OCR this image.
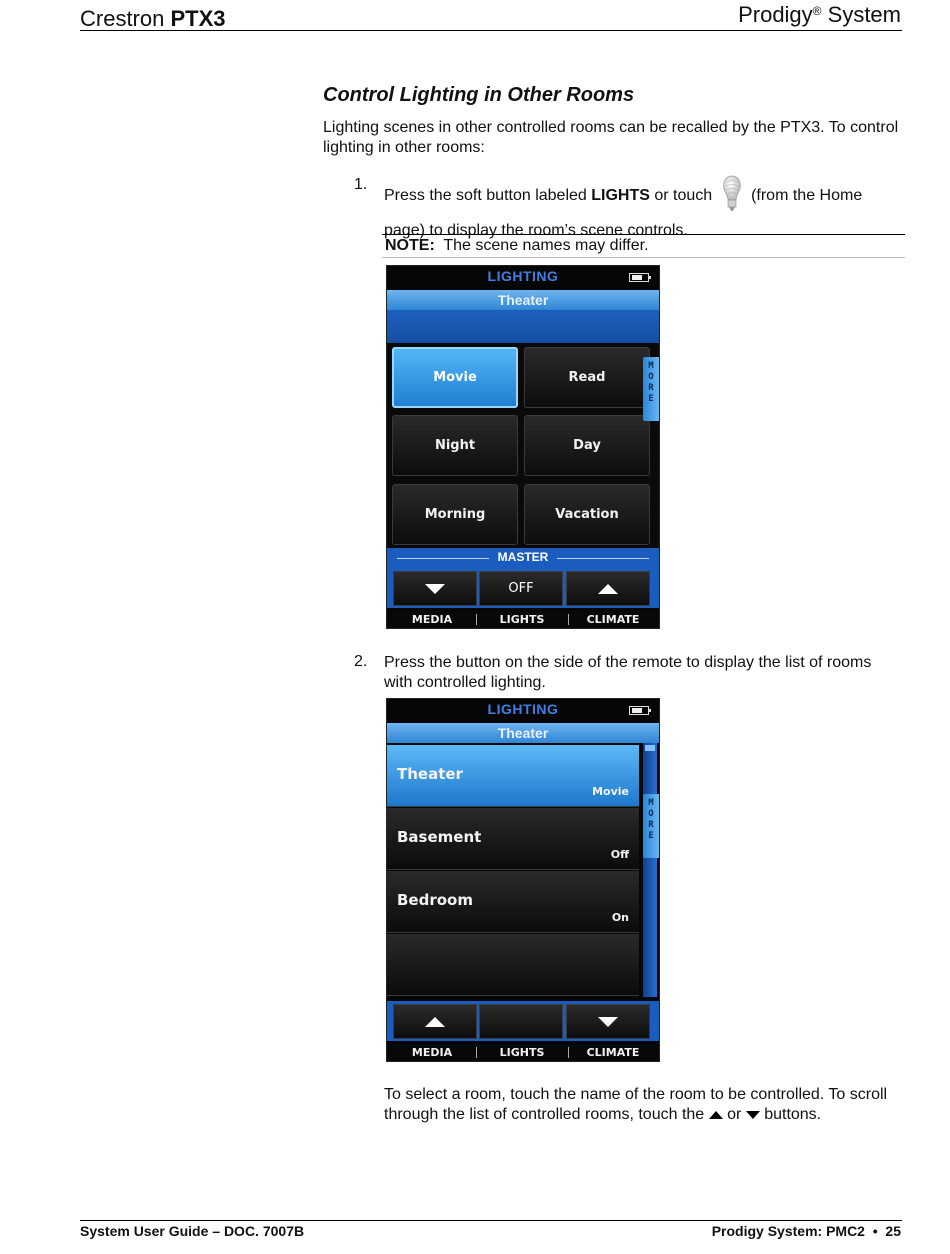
Crestron PTX3	Prodigy® System
Control Lighting in Other Rooms
Lighting scenes in other controlled rooms can be recalled by the PTX3. To control lighting in other rooms:
1.
Press the soft button labeled LIGHTS or touch  (from the Home page) to display the room’s scene controls.
NOTE:  The scene names may differ.
LIGHTING
Theater
Movie	Read
Night	Day
Morning	Vacation
M
O
R
E
MASTER
OFF
MEDIA	LIGHTS	CLIMATE
2. Press the button on the side of the remote to display the list of rooms with controlled lighting.
LIGHTING
Theater
Theater
Movie
Basement
Off
Bedroom
On
M
O
R
E
MEDIA	LIGHTS	CLIMATE
To select a room, touch the name of the room to be controlled. To scroll through the list of controlled rooms, touch the  or  buttons.
System User Guide – DOC. 7007B	Prodigy System: PMC2  •  25
